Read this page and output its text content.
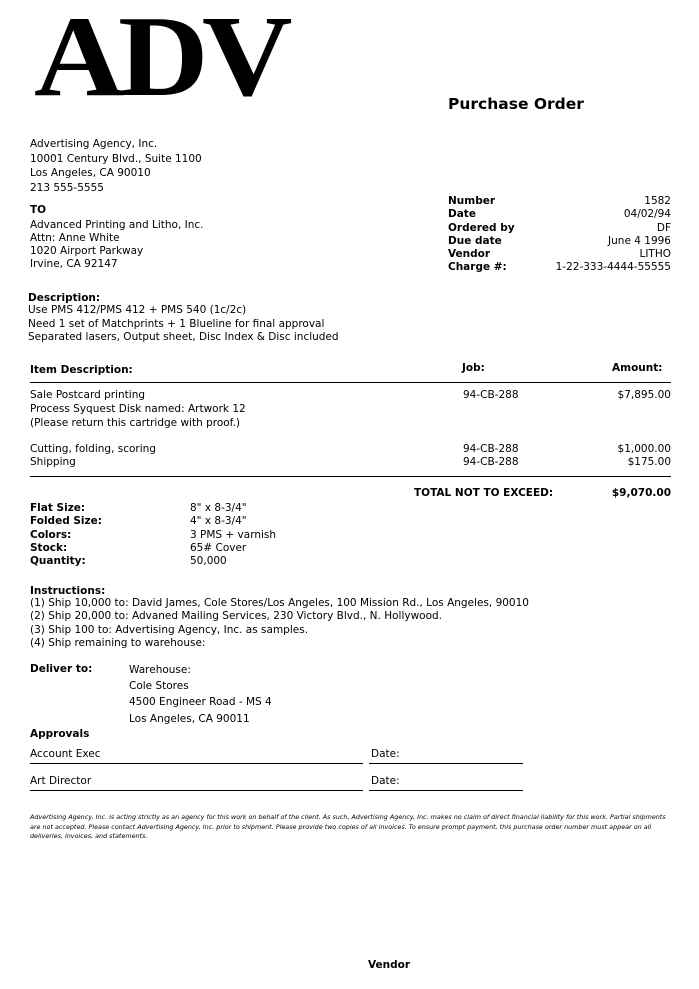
ADV	Purchase Order
Advertising Agency, Inc.
10001 Century Blvd., Suite 1100
Los Angeles, CA 90010
213 555-5555
TO
Advanced Printing and Litho, Inc.
Attn: Anne White
1020 Airport Parkway
Irvine, CA 92147
Number	1582
Date	04/02/94
Ordered by	DF
Due date	June 4 1996
Vendor	LITHO
Charge #:	1-22-333-4444-55555
Description:
Use PMS 412/PMS 412 + PMS 540 (1c/2c)
Need 1 set of Matchprints + 1 Blueline for final approval
Separated lasers, Output sheet, Disc Index & Disc included
Item Description:	Job:	Amount:
Sale Postcard printing	94-CB-288	$7,895.00
Process Syquest Disk named: Artwork 12
(Please return this cartridge with proof.)
Cutting, folding, scoring	94-CB-288	$1,000.00
Shipping	94-CB-288	$175.00
TOTAL NOT TO EXCEED:	$9,070.00
Flat Size:	8" x 8-3/4"
Folded Size:	4" x 8-3/4"
Colors:	3 PMS + varnish
Stock:	65# Cover
Quantity:	50,000
Instructions:
(1) Ship 10,000 to: David James, Cole Stores/Los Angeles, 100 Mission Rd., Los Angeles, 90010
(2) Ship 20,000 to: Advaned Mailing Services, 230 Victory Blvd., N. Hollywood.
(3) Ship 100 to: Advertising Agency, Inc. as samples.
(4) Ship remaining to warehouse:
Deliver to:	Warehouse:
Cole Stores
4500 Engineer Road - MS 4
Los Angeles, CA 90011
Approvals
Account Exec	Date:
Art Director	Date:
Advertising Agency, Inc. is acting strictly as an agency for this work on behalf of the client. As such, Advertising Agency, Inc. makes no claim of direct financial liability for this work. Partial shipments are not accepted. Please contact Advertising Agency, Inc. prior to shipment. Please provide two copies of all invoices. To ensure prompt payment, this purchase order number must appear on all deliveries, invoices, and statements.
Vendor
